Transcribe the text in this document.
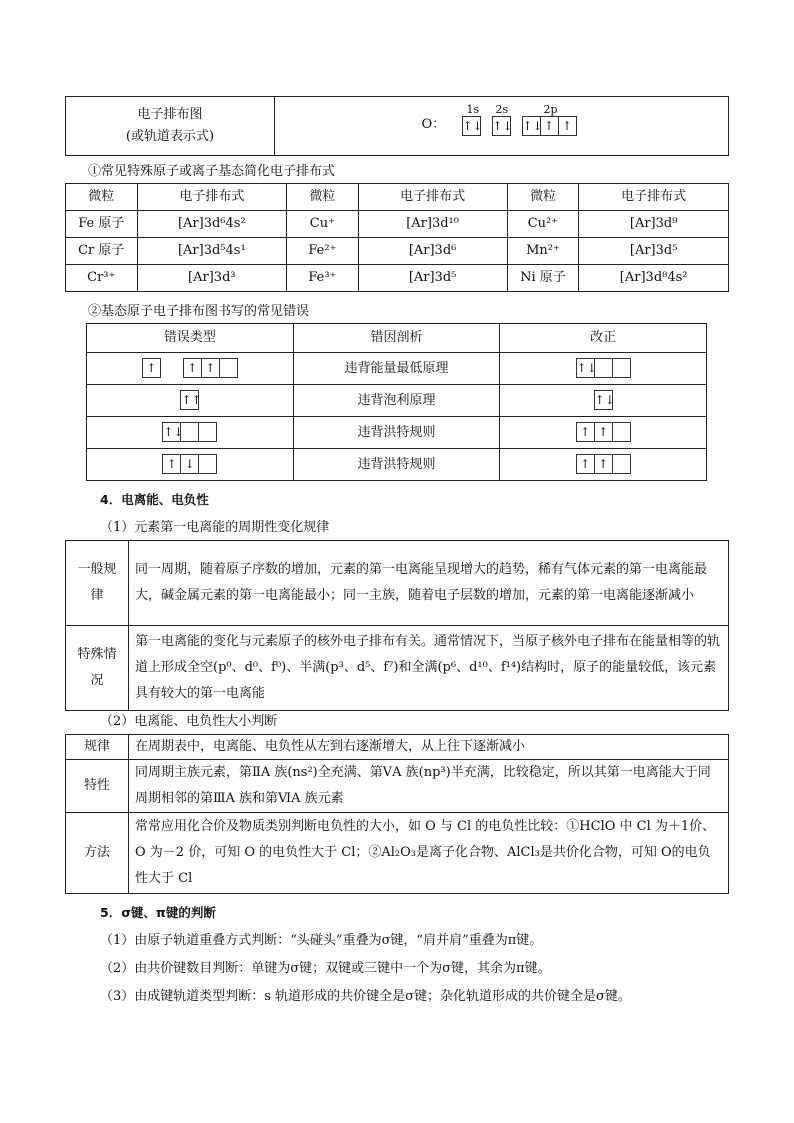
电子排布图
(或轨道表示式)

1s 2s	2p
O： ↑↓ ↑↓ ↑↓↑ ↑
①常见特殊原子或离子基态简化电子排布式
微粒	电子排布式	微粒	电子排布式	微粒	电子排布式
Fe 原子	[Ar]3d⁶4s²	Cu⁺	[Ar]3d¹⁰	Cu²⁺	[Ar]3d⁹
Cr 原子	[Ar]3d⁵4s¹	Fe²⁺	[Ar]3d⁶	Mn²⁺	[Ar]3d⁵
Cr³⁺	[Ar]3d³	Fe³⁺	[Ar]3d⁵	Ni 原子	[Ar]3d⁸4s²
②基态原子电子排布图书写的常见错误
错误类型	错因剖析	改正
↑ ↑ ↑	违背能量最低原理	↑↓
↑↑	违背泡利原理	↑↓
↑↓	违背洪特规则	↑ ↑
↑ ↓	违背洪特规则	↑ ↑
4．电离能、电负性
（1）元素第一电离能的周期性变化规律
一般规律	同一周期，随着原子序数的增加，元素的第一电离能呈现增大的趋势，稀有气体元素的第一电离能最大，碱金属元素的第一电离能最小；同一主族，随着电子层数的增加，元素的第一电离能逐渐减小
特殊情况	第一电离能的变化与元素原子的核外电子排布有关。通常情况下，当原子核外电子排布在能量相等的轨道上形成全空(p⁰、d⁰、f⁰)、半满(p³、d⁵、f⁷)和全满(p⁶、d¹⁰、f¹⁴)结构时，原子的能量较低，该元素具有较大的第一电离能
（2）电离能、电负性大小判断
规律	在周期表中，电离能、电负性从左到右逐渐增大，从上往下逐渐减小
特性	同周期主族元素，第ⅡA 族(ns²)全充满、第ⅤA 族(np³)半充满，比较稳定，所以其第一电离能大于同周期相邻的第ⅢA 族和第ⅥA 族元素
方法	常常应用化合价及物质类别判断电负性的大小，如 O 与 Cl 的电负性比较：①HClO 中 Cl 为＋1价、O 为－2 价，可知 O 的电负性大于 Cl；②Al₂O₃是离子化合物、AlCl₃是共价化合物，可知 O的电负性大于 Cl
5．σ键、π键的判断
（1）由原子轨道重叠方式判断：“头碰头”重叠为σ键，“肩并肩”重叠为π键。
（2）由共价键数目判断：单键为σ键；双键或三键中一个为σ键，其余为π键。
（3）由成键轨道类型判断：s 轨道形成的共价键全是σ键；杂化轨道形成的共价键全是σ键。
